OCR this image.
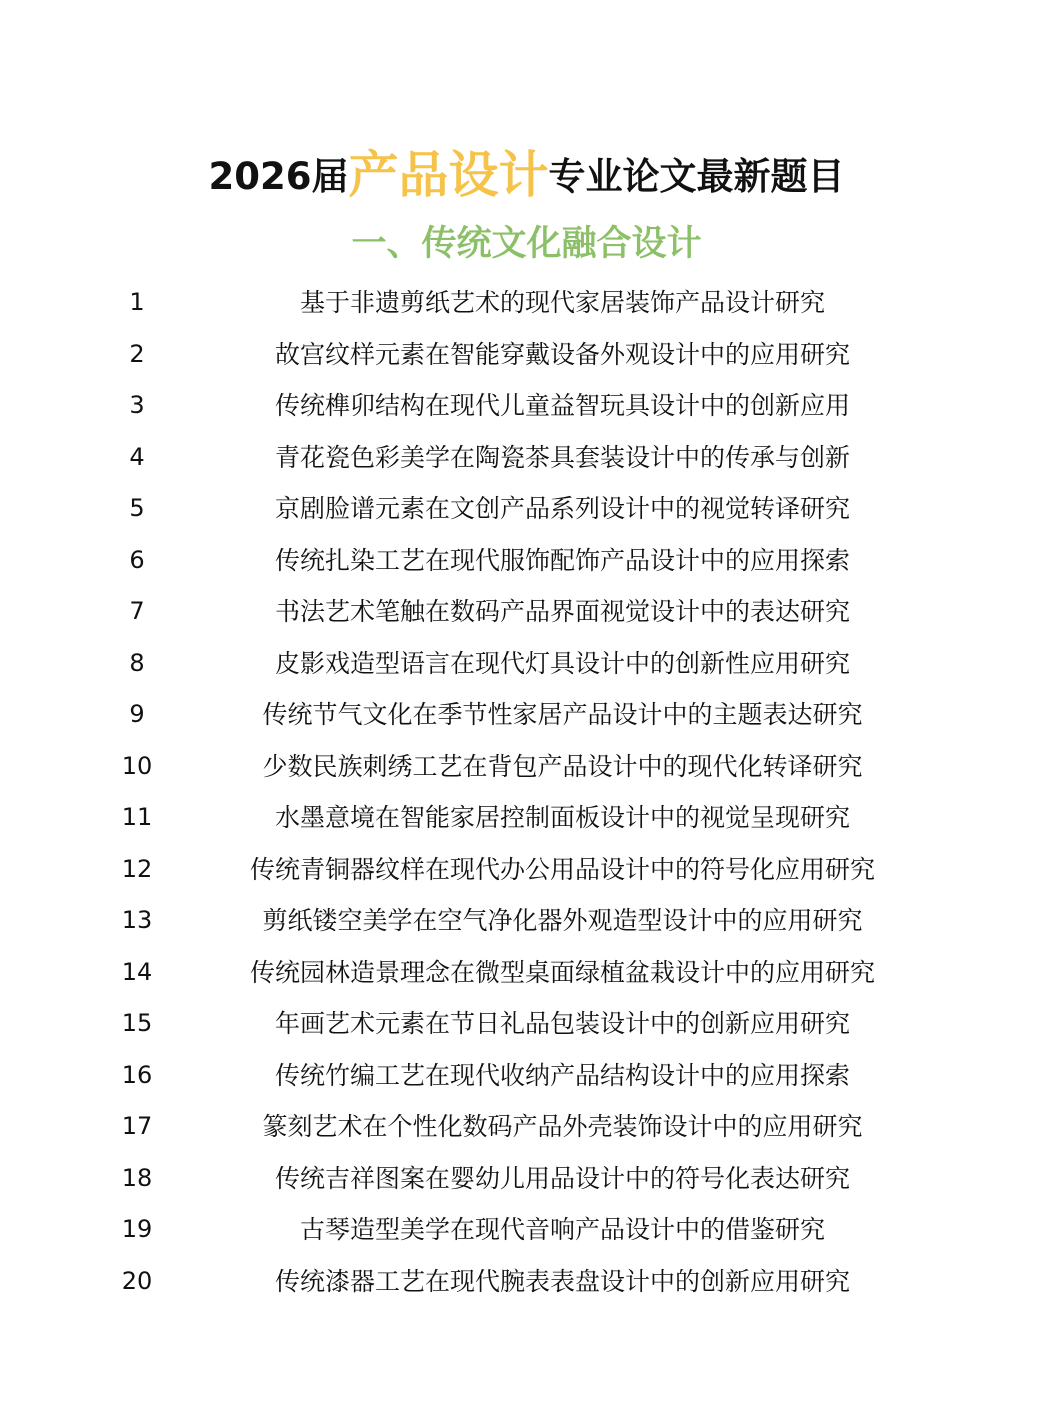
2026届产品设计专业论文最新题目
一、传统文化融合设计
1	基于非遗剪纸艺术的现代家居装饰产品设计研究
2	故宫纹样元素在智能穿戴设备外观设计中的应用研究
3	传统榫卯结构在现代儿童益智玩具设计中的创新应用
4	青花瓷色彩美学在陶瓷茶具套装设计中的传承与创新
5	京剧脸谱元素在文创产品系列设计中的视觉转译研究
6	传统扎染工艺在现代服饰配饰产品设计中的应用探索
7	书法艺术笔触在数码产品界面视觉设计中的表达研究
8	皮影戏造型语言在现代灯具设计中的创新性应用研究
9	传统节气文化在季节性家居产品设计中的主题表达研究
10	少数民族刺绣工艺在背包产品设计中的现代化转译研究
11	水墨意境在智能家居控制面板设计中的视觉呈现研究
12	传统青铜器纹样在现代办公用品设计中的符号化应用研究
13	剪纸镂空美学在空气净化器外观造型设计中的应用研究
14	传统园林造景理念在微型桌面绿植盆栽设计中的应用研究
15	年画艺术元素在节日礼品包装设计中的创新应用研究
16	传统竹编工艺在现代收纳产品结构设计中的应用探索
17	篆刻艺术在个性化数码产品外壳装饰设计中的应用研究
18	传统吉祥图案在婴幼儿用品设计中的符号化表达研究
19	古琴造型美学在现代音响产品设计中的借鉴研究
20	传统漆器工艺在现代腕表表盘设计中的创新应用研究
